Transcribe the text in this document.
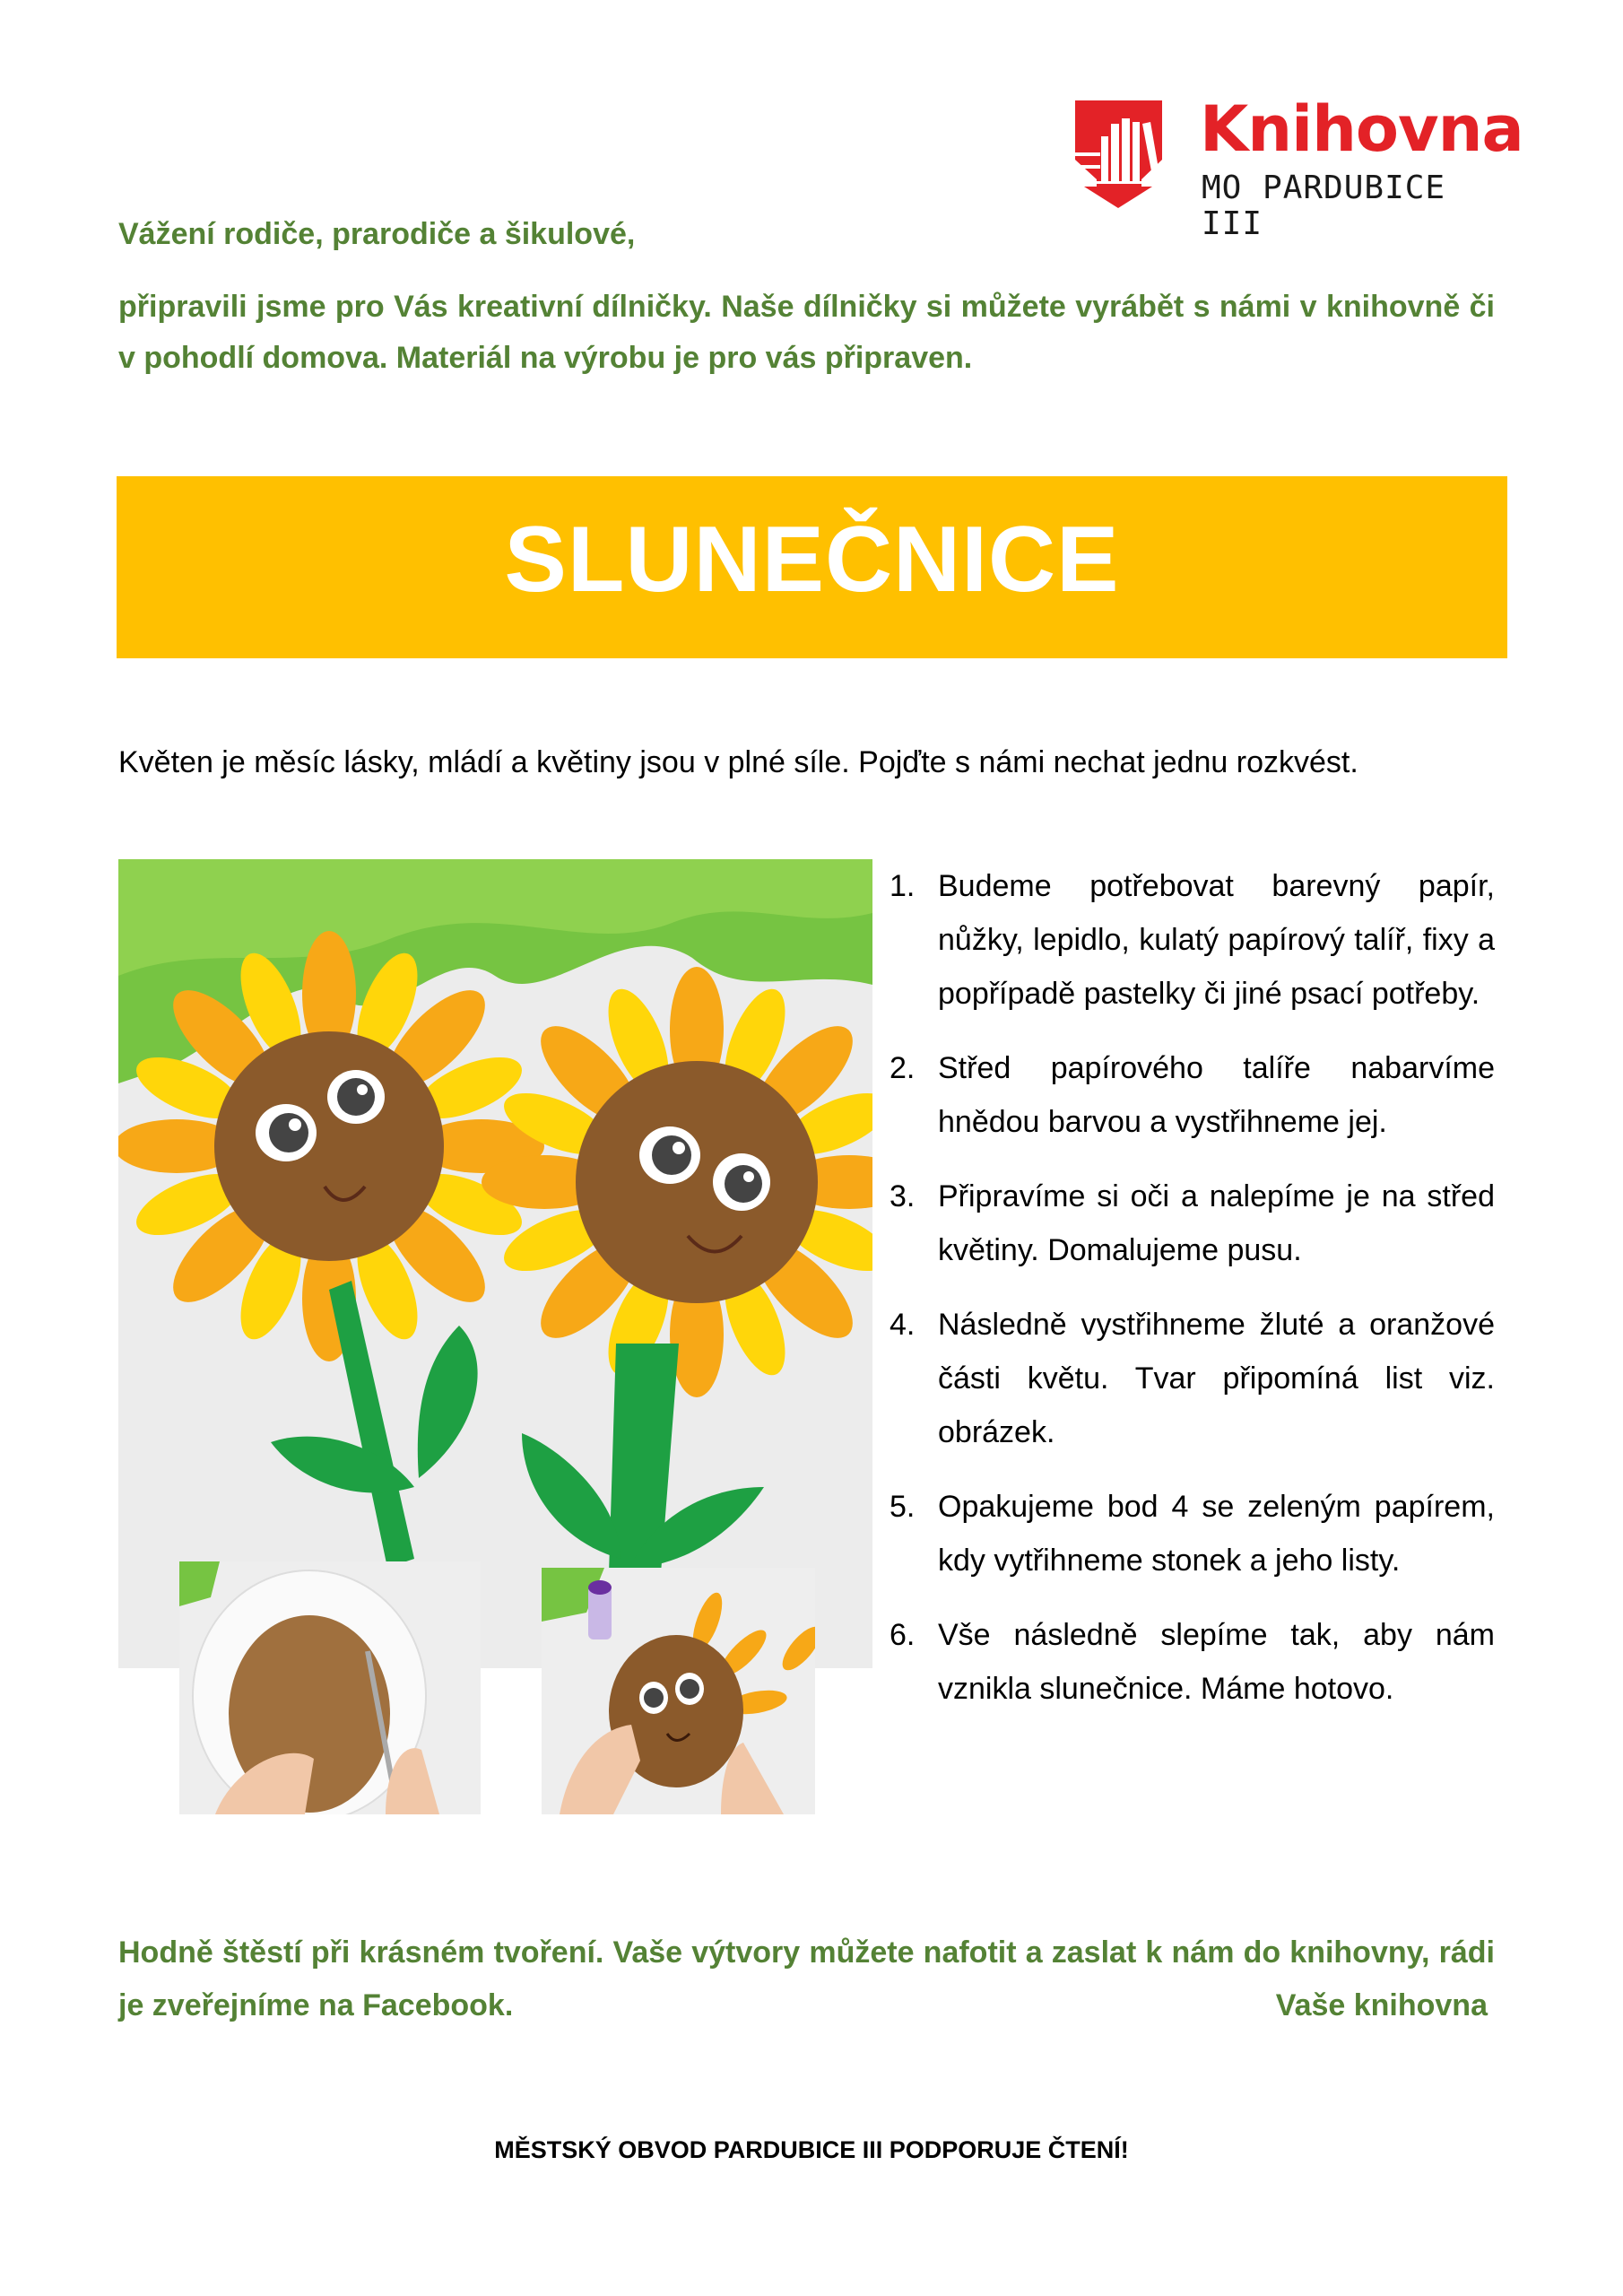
Knihovna
MO PARDUBICE III
Vážení rodiče, prarodiče a šikulové,
připravili jsme pro Vás kreativní dílničky. Naše dílničky si můžete vyrábět s námi v knihovně či v pohodlí domova. Materiál na výrobu je pro vás připraven.
SLUNEČNICE
Květen je měsíc lásky, mládí a květiny jsou v plné síle. Pojďte s námi nechat jednu rozkvést.
1. Budeme potřebovat barevný papír, nůžky, lepidlo, kulatý papírový talíř, fixy a popřípadě pastelky či jiné psací potřeby.
2. Střed papírového talíře nabarvíme hnědou barvou a vystřihneme jej.
3. Připravíme si oči a nalepíme je na střed květiny. Domalujeme pusu.
4. Následně vystřihneme žluté a oranžové části květu. Tvar připomíná list viz. obrázek.
5. Opakujeme bod 4 se zeleným papírem, kdy vytřihneme stonek a jeho listy.
6. Vše následně slepíme tak, aby nám vznikla slunečnice. Máme hotovo.
Hodně štěstí při krásném tvoření. Vaše výtvory můžete nafotit a zaslat k nám do knihovny, rádi je zveřejníme na Facebook.	Vaše knihovna
MĚSTSKÝ OBVOD PARDUBICE III PODPORUJE ČTENÍ!
